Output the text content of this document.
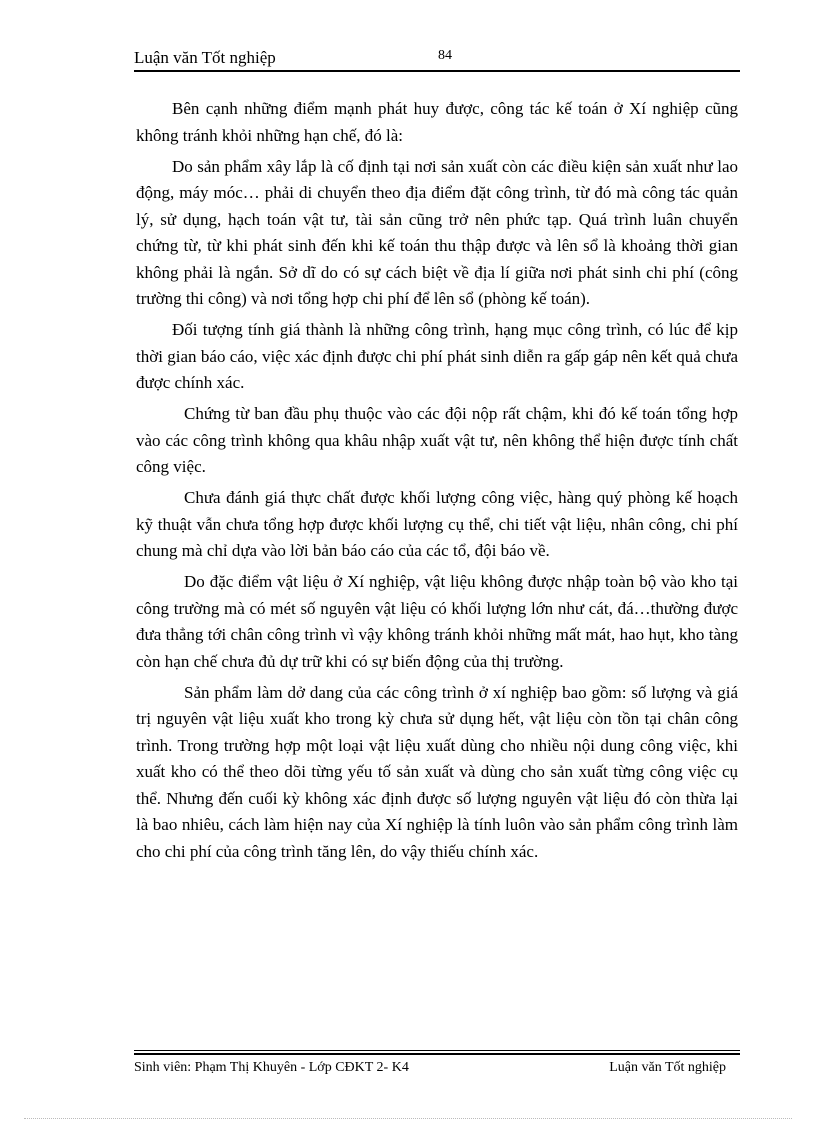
Luận văn Tốt nghiệp	84

Bên cạnh những điểm mạnh phát huy được, công tác kế toán ở Xí nghiệp cũng không tránh khỏi những hạn chế, đó là:

Do sản phẩm xây lắp là cố định tại nơi sản xuất còn các điều kiện sản xuất như lao động, máy móc… phải di chuyển theo địa điểm đặt công trình, từ đó mà công tác quản lý, sử dụng, hạch toán vật tư, tài sản cũng trở nên phức tạp. Quá trình luân chuyển chứng từ, từ khi phát sinh đến khi kế toán thu thập được và lên sổ là khoảng thời gian không phải là ngắn. Sở dĩ do có sự cách biệt về địa lí giữa nơi phát sinh chi phí (công trường thi công) và nơi tổng hợp chi phí để lên sổ (phòng kế toán).

Đối tượng tính giá thành là những công trình, hạng mục công trình, có lúc để kịp thời gian báo cáo, việc xác định được chi phí phát sinh diễn ra gấp gáp nên kết quả chưa được chính xác.

Chứng từ ban đầu phụ thuộc vào các đội nộp rất chậm, khi đó kế toán tổng hợp vào các công trình không qua khâu nhập xuất vật tư, nên không thể hiện được tính chất công việc.

Chưa đánh giá thực chất được khối lượng công việc, hàng quý phòng kế hoạch kỹ thuật vẫn chưa tổng hợp được khối lượng cụ thể, chi tiết vật liệu, nhân công, chi phí chung mà chỉ dựa vào lời bản báo cáo của các tổ, đội báo về.

Do đặc điểm vật liệu ở Xí nghiệp, vật liệu không được nhập toàn bộ vào kho tại công trường mà có mét số nguyên vật liệu có khối lượng lớn như cát, đá…thường được đưa thẳng tới chân công trình vì vậy không tránh khỏi những mất mát, hao hụt, kho tàng còn hạn chế chưa đủ dự trữ khi có sự biến động của thị trường.

Sản phẩm làm dở dang của các công trình ở xí nghiệp bao gồm: số lượng và giá trị nguyên vật liệu xuất kho trong kỳ chưa sử dụng hết, vật liệu còn tồn tại chân công trình. Trong trường hợp một loại vật liệu xuất dùng cho nhiều nội dung công việc, khi xuất kho có thể theo dõi từng yếu tố sản xuất và dùng cho sản xuất từng công việc cụ thể. Nhưng đến cuối kỳ không xác định được số lượng nguyên vật liệu đó còn thừa lại là bao nhiêu, cách làm hiện nay của Xí nghiệp là tính luôn vào sản phẩm công trình làm cho chi phí của công trình tăng lên, do vậy thiếu chính xác.

Sinh viên: Phạm Thị Khuyên - Lớp CĐKT 2- K4	Luận văn Tốt nghiệp
